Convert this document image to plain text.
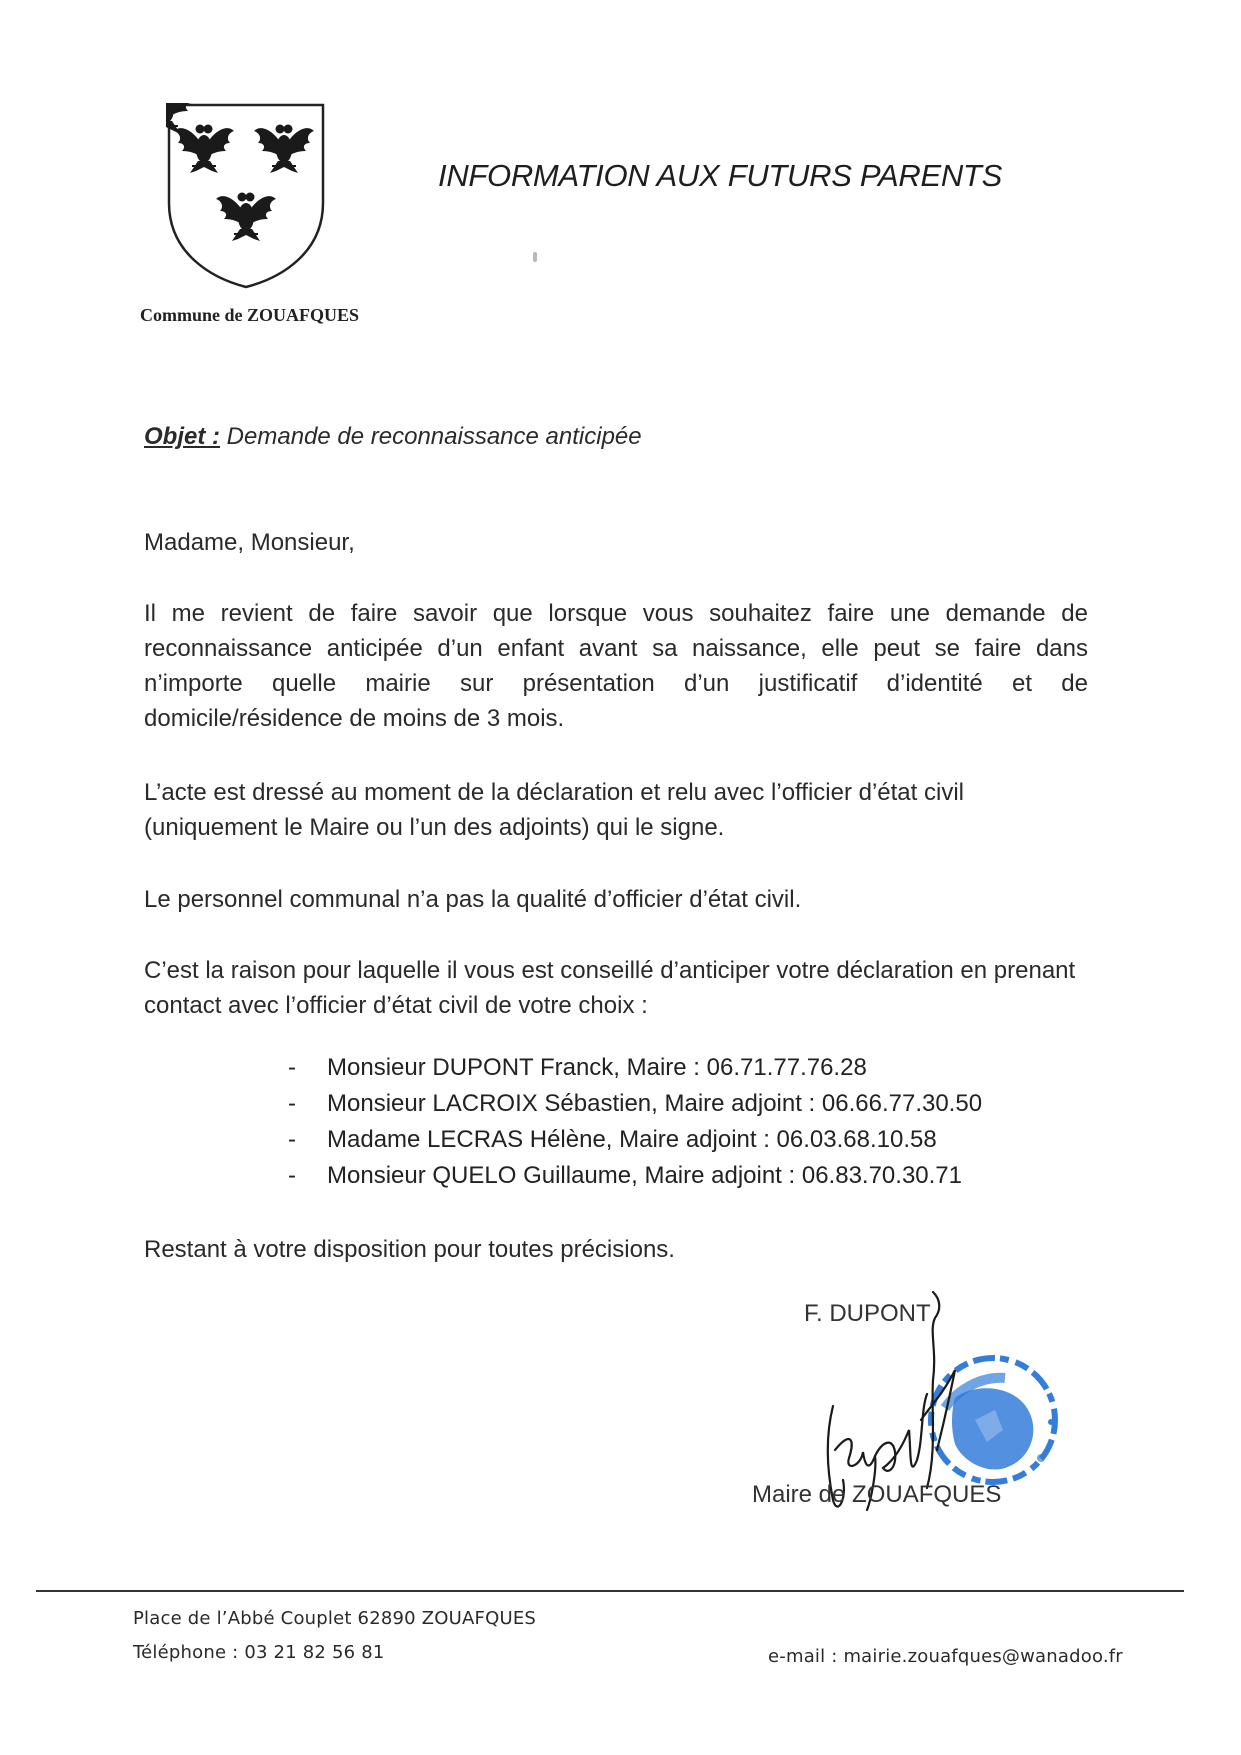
Commune de ZOUAFQUES
INFORMATION AUX FUTURS PARENTS
Objet : Demande de reconnaissance anticipée
Madame, Monsieur,
Il me revient de faire savoir que lorsque vous souhaitez faire une demande de reconnaissance anticipée d’un enfant avant sa naissance, elle peut se faire dans n’importe quelle mairie sur présentation d’un justificatif d’identité et de domicile/résidence de moins de 3 mois.
L’acte est dressé au moment de la déclaration et relu avec l’officier d’état civil (uniquement le Maire ou l’un des adjoints) qui le signe.
Le personnel communal n’a pas la qualité d’officier d’état civil.
C’est la raison pour laquelle il vous est conseillé d’anticiper votre déclaration en prenant contact avec l’officier d’état civil de votre choix :
- Monsieur DUPONT Franck, Maire : 06.71.77.76.28
- Monsieur LACROIX Sébastien, Maire adjoint : 06.66.77.30.50
- Madame LECRAS Hélène, Maire adjoint : 06.03.68.10.58
- Monsieur QUELO Guillaume, Maire adjoint : 06.83.70.30.71
Restant à votre disposition pour toutes précisions.
F. DUPONT
Maire de ZOUAFQUES
Place de l’Abbé Couplet 62890 ZOUAFQUES
Téléphone : 03 21 82 56 81	e-mail : mairie.zouafques@wanadoo.fr
